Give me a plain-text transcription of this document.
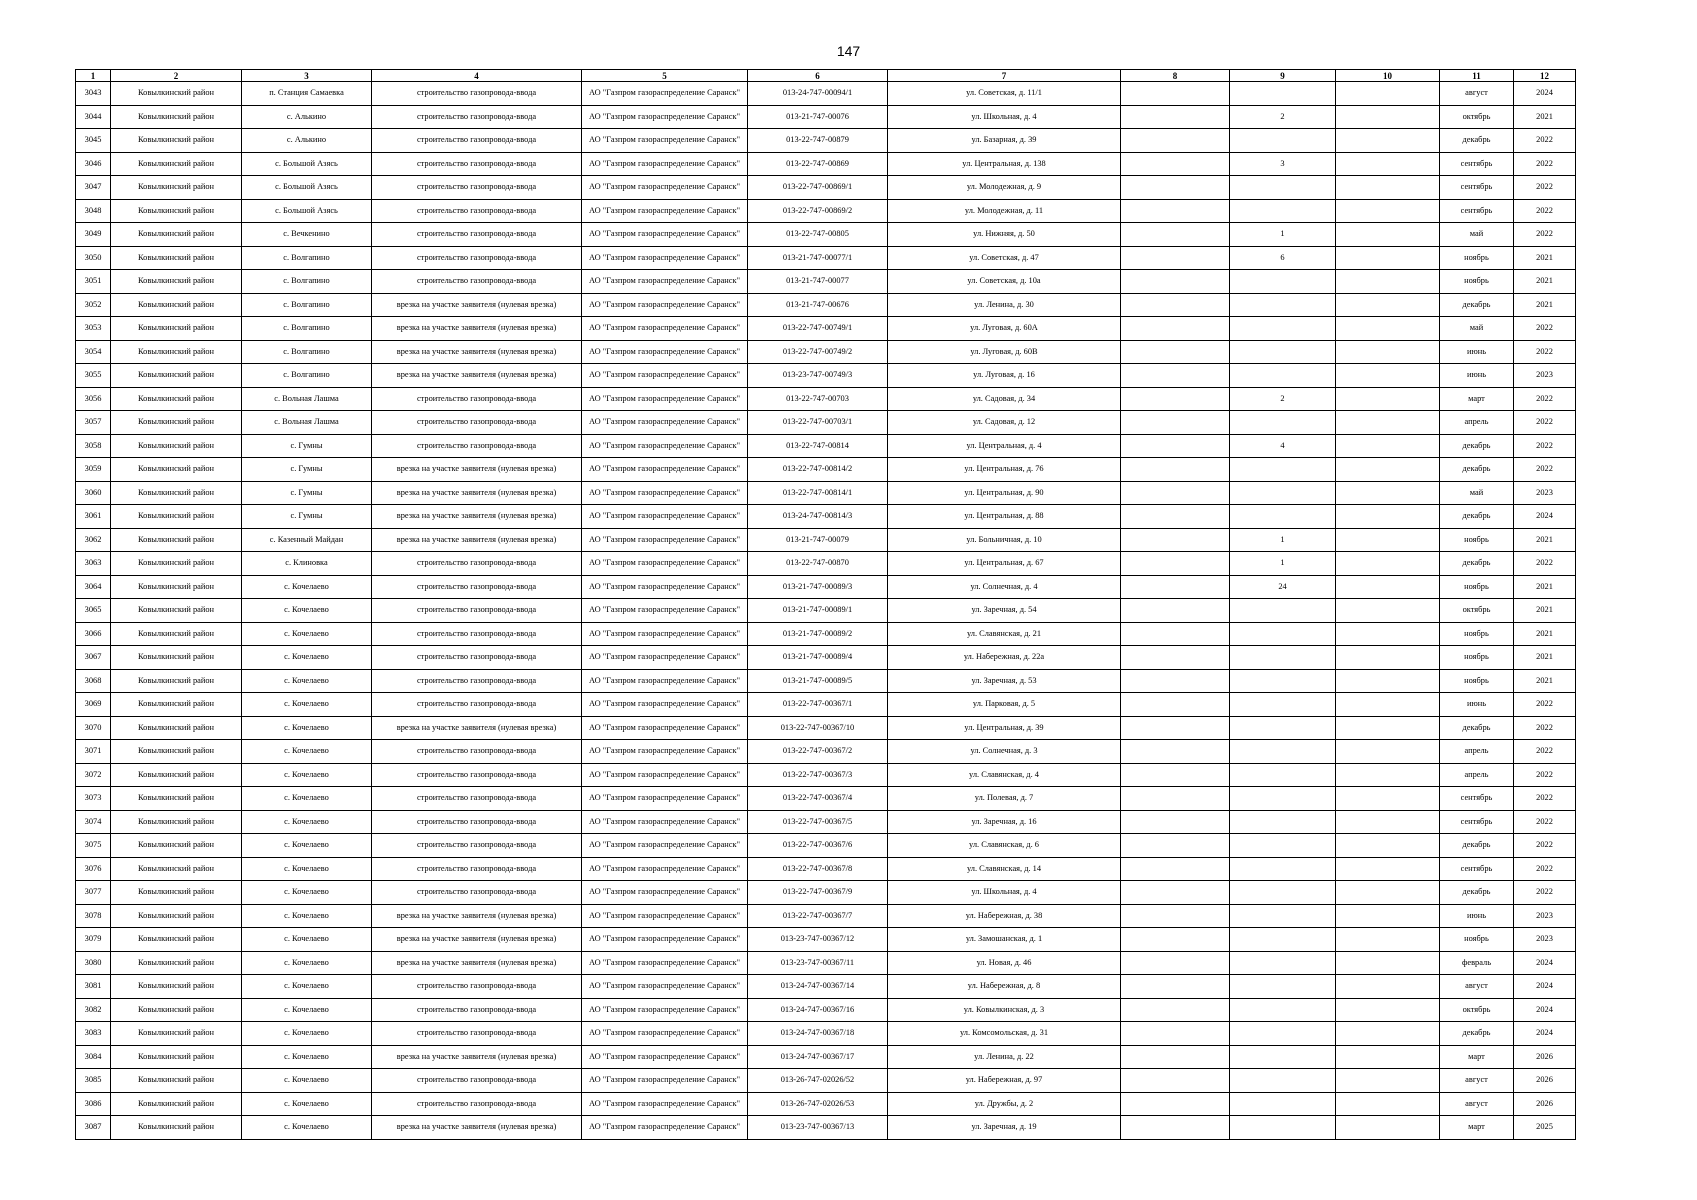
147
1	2	3	4	5	6	7	8	9	10	11	12
3043	Ковылкинский район	п. Станция Самаевка	строительство газопровода-ввода	АО "Газпром газораспределение Саранск"	013-24-747-00094/1	ул. Советская, д. 11/1				август	2024
3044	Ковылкинский район	с. Алькино	строительство газопровода-ввода	АО "Газпром газораспределение Саранск"	013-21-747-00076	ул. Школьная, д. 4		2		октябрь	2021
3045	Ковылкинский район	с. Алькино	строительство газопровода-ввода	АО "Газпром газораспределение Саранск"	013-22-747-00879	ул. Базарная, д. 39				декабрь	2022
3046	Ковылкинский район	с. Большой Азясь	строительство газопровода-ввода	АО "Газпром газораспределение Саранск"	013-22-747-00869	ул. Центральная, д. 138		3		сентябрь	2022
3047	Ковылкинский район	с. Большой Азясь	строительство газопровода-ввода	АО "Газпром газораспределение Саранск"	013-22-747-00869/1	ул. Молодежная, д. 9				сентябрь	2022
3048	Ковылкинский район	с. Большой Азясь	строительство газопровода-ввода	АО "Газпром газораспределение Саранск"	013-22-747-00869/2	ул. Молодежная, д. 11				сентябрь	2022
3049	Ковылкинский район	с. Вечкенино	строительство газопровода-ввода	АО "Газпром газораспределение Саранск"	013-22-747-00805	ул. Нижняя, д. 50		1		май	2022
3050	Ковылкинский район	с. Волгапино	строительство газопровода-ввода	АО "Газпром газораспределение Саранск"	013-21-747-00077/1	ул. Советская, д. 47		6		ноябрь	2021
3051	Ковылкинский район	с. Волгапино	строительство газопровода-ввода	АО "Газпром газораспределение Саранск"	013-21-747-00077	ул. Советская, д. 10а				ноябрь	2021
3052	Ковылкинский район	с. Волгапино	врезка на участке заявителя (нулевая врезка)	АО "Газпром газораспределение Саранск"	013-21-747-00676	ул. Ленина, д. 30				декабрь	2021
3053	Ковылкинский район	с. Волгапино	врезка на участке заявителя (нулевая врезка)	АО "Газпром газораспределение Саранск"	013-22-747-00749/1	ул. Луговая, д. 60А				май	2022
3054	Ковылкинский район	с. Волгапино	врезка на участке заявителя (нулевая врезка)	АО "Газпром газораспределение Саранск"	013-22-747-00749/2	ул. Луговая, д. 60В				июнь	2022
3055	Ковылкинский район	с. Волгапино	врезка на участке заявителя (нулевая врезка)	АО "Газпром газораспределение Саранск"	013-23-747-00749/3	ул. Луговая, д. 16				июнь	2023
3056	Ковылкинский район	с. Вольная Лашма	строительство газопровода-ввода	АО "Газпром газораспределение Саранск"	013-22-747-00703	ул. Садовая, д. 34		2		март	2022
3057	Ковылкинский район	с. Вольная Лашма	строительство газопровода-ввода	АО "Газпром газораспределение Саранск"	013-22-747-00703/1	ул. Садовая, д. 12				апрель	2022
3058	Ковылкинский район	с. Гумны	строительство газопровода-ввода	АО "Газпром газораспределение Саранск"	013-22-747-00814	ул. Центральная, д. 4		4		декабрь	2022
3059	Ковылкинский район	с. Гумны	врезка на участке заявителя (нулевая врезка)	АО "Газпром газораспределение Саранск"	013-22-747-00814/2	ул. Центральная, д. 76				декабрь	2022
3060	Ковылкинский район	с. Гумны	врезка на участке заявителя (нулевая врезка)	АО "Газпром газораспределение Саранск"	013-22-747-00814/1	ул. Центральная, д. 90				май	2023
3061	Ковылкинский район	с. Гумны	врезка на участке заявителя (нулевая врезка)	АО "Газпром газораспределение Саранск"	013-24-747-00814/3	ул. Центральная, д. 88				декабрь	2024
3062	Ковылкинский район	с. Казенный Майдан	врезка на участке заявителя (нулевая врезка)	АО "Газпром газораспределение Саранск"	013-21-747-00079	ул. Больничная, д. 10		1		ноябрь	2021
3063	Ковылкинский район	с. Клиновка	строительство газопровода-ввода	АО "Газпром газораспределение Саранск"	013-22-747-00870	ул. Центральная, д. 67		1		декабрь	2022
3064	Ковылкинский район	с. Кочелаево	строительство газопровода-ввода	АО "Газпром газораспределение Саранск"	013-21-747-00089/3	ул. Солнечная, д. 4		24		ноябрь	2021
3065	Ковылкинский район	с. Кочелаево	строительство газопровода-ввода	АО "Газпром газораспределение Саранск"	013-21-747-00089/1	ул. Заречная, д. 54				октябрь	2021
3066	Ковылкинский район	с. Кочелаево	строительство газопровода-ввода	АО "Газпром газораспределение Саранск"	013-21-747-00089/2	ул. Славянская, д. 21				ноябрь	2021
3067	Ковылкинский район	с. Кочелаево	строительство газопровода-ввода	АО "Газпром газораспределение Саранск"	013-21-747-00089/4	ул. Набережная, д. 22а				ноябрь	2021
3068	Ковылкинский район	с. Кочелаево	строительство газопровода-ввода	АО "Газпром газораспределение Саранск"	013-21-747-00089/5	ул. Заречная, д. 53				ноябрь	2021
3069	Ковылкинский район	с. Кочелаево	строительство газопровода-ввода	АО "Газпром газораспределение Саранск"	013-22-747-00367/1	ул. Парковая, д. 5				июнь	2022
3070	Ковылкинский район	с. Кочелаево	врезка на участке заявителя (нулевая врезка)	АО "Газпром газораспределение Саранск"	013-22-747-00367/10	ул. Центральная, д. 39				декабрь	2022
3071	Ковылкинский район	с. Кочелаево	строительство газопровода-ввода	АО "Газпром газораспределение Саранск"	013-22-747-00367/2	ул. Солнечная, д. 3				апрель	2022
3072	Ковылкинский район	с. Кочелаево	строительство газопровода-ввода	АО "Газпром газораспределение Саранск"	013-22-747-00367/3	ул. Славянская, д. 4				апрель	2022
3073	Ковылкинский район	с. Кочелаево	строительство газопровода-ввода	АО "Газпром газораспределение Саранск"	013-22-747-00367/4	ул. Полевая, д. 7				сентябрь	2022
3074	Ковылкинский район	с. Кочелаево	строительство газопровода-ввода	АО "Газпром газораспределение Саранск"	013-22-747-00367/5	ул. Заречная, д. 16				сентябрь	2022
3075	Ковылкинский район	с. Кочелаево	строительство газопровода-ввода	АО "Газпром газораспределение Саранск"	013-22-747-00367/6	ул. Славянская, д. 6				декабрь	2022
3076	Ковылкинский район	с. Кочелаево	строительство газопровода-ввода	АО "Газпром газораспределение Саранск"	013-22-747-00367/8	ул. Славянская, д. 14				сентябрь	2022
3077	Ковылкинский район	с. Кочелаево	строительство газопровода-ввода	АО "Газпром газораспределение Саранск"	013-22-747-00367/9	ул. Школьная, д. 4				декабрь	2022
3078	Ковылкинский район	с. Кочелаево	врезка на участке заявителя (нулевая врезка)	АО "Газпром газораспределение Саранск"	013-22-747-00367/7	ул. Набережная, д. 38				июнь	2023
3079	Ковылкинский район	с. Кочелаево	врезка на участке заявителя (нулевая врезка)	АО "Газпром газораспределение Саранск"	013-23-747-00367/12	ул. Замошанская, д. 1				ноябрь	2023
3080	Ковылкинский район	с. Кочелаево	врезка на участке заявителя (нулевая врезка)	АО "Газпром газораспределение Саранск"	013-23-747-00367/11	ул. Новая, д. 46				февраль	2024
3081	Ковылкинский район	с. Кочелаево	строительство газопровода-ввода	АО "Газпром газораспределение Саранск"	013-24-747-00367/14	ул. Набережная, д. 8				август	2024
3082	Ковылкинский район	с. Кочелаево	строительство газопровода-ввода	АО "Газпром газораспределение Саранск"	013-24-747-00367/16	ул. Ковылкинская, д. 3				октябрь	2024
3083	Ковылкинский район	с. Кочелаево	строительство газопровода-ввода	АО "Газпром газораспределение Саранск"	013-24-747-00367/18	ул. Комсомольская, д. 31				декабрь	2024
3084	Ковылкинский район	с. Кочелаево	врезка на участке заявителя (нулевая врезка)	АО "Газпром газораспределение Саранск"	013-24-747-00367/17	ул. Ленина, д. 22				март	2026
3085	Ковылкинский район	с. Кочелаево	строительство газопровода-ввода	АО "Газпром газораспределение Саранск"	013-26-747-02026/52	ул. Набережная, д. 97				август	2026
3086	Ковылкинский район	с. Кочелаево	строительство газопровода-ввода	АО "Газпром газораспределение Саранск"	013-26-747-02026/53	ул. Дружбы, д. 2				август	2026
3087	Ковылкинский район	с. Кочелаево	врезка на участке заявителя (нулевая врезка)	АО "Газпром газораспределение Саранск"	013-23-747-00367/13	ул. Заречная, д. 19				март	2025
